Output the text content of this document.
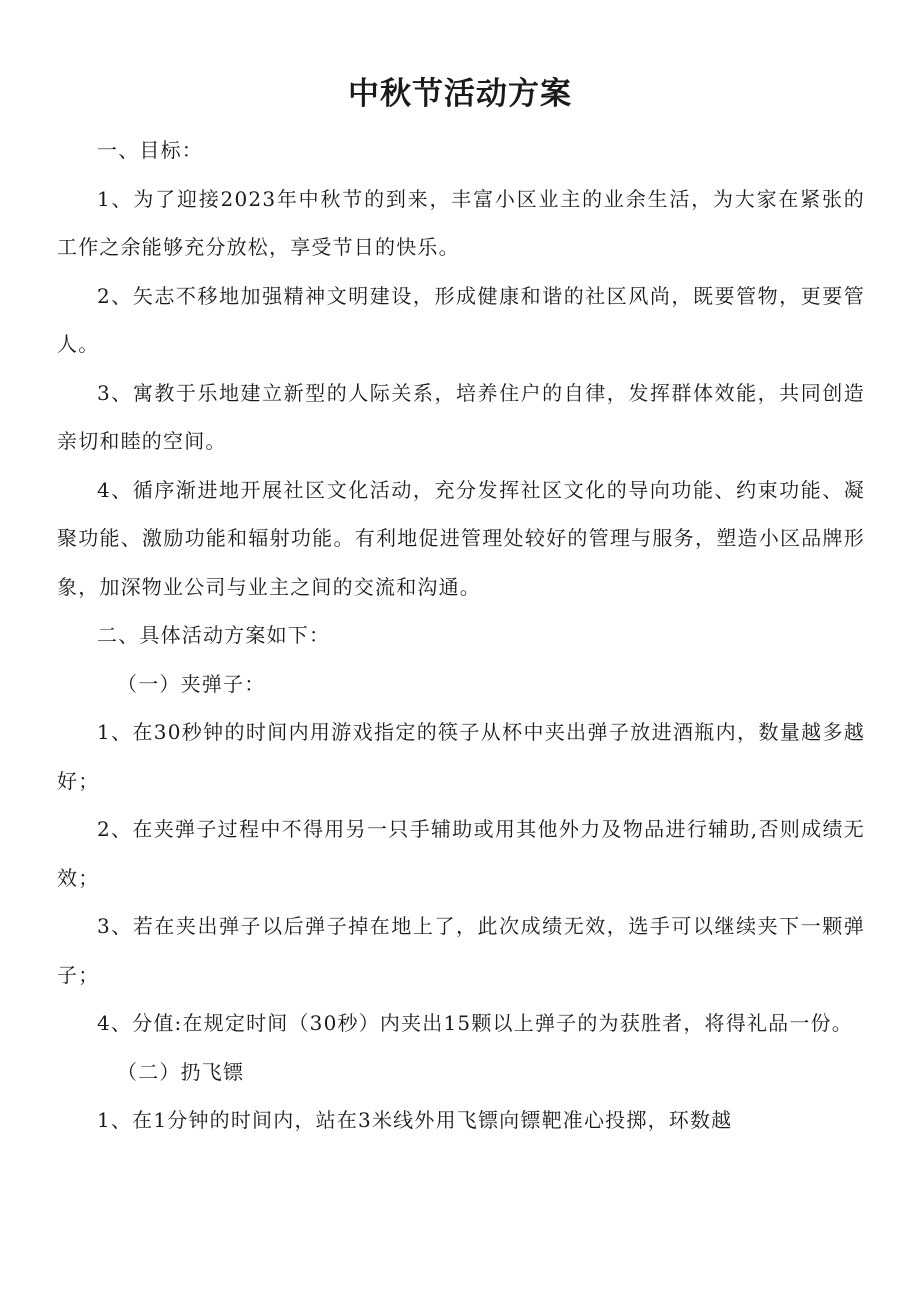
中秋节活动方案

一、目标：

1、为了迎接2023年中秋节的到来，丰富小区业主的业余生活，为大家在紧张的工作之余能够充分放松，享受节日的快乐。

2、矢志不移地加强精神文明建设，形成健康和谐的社区风尚，既要管物，更要管人。

3、寓教于乐地建立新型的人际关系，培养住户的自律，发挥群体效能，共同创造亲切和睦的空间。

4、循序渐进地开展社区文化活动，充分发挥社区文化的导向功能、约束功能、凝聚功能、激励功能和辐射功能。有利地促进管理处较好的管理与服务，塑造小区品牌形象，加深物业公司与业主之间的交流和沟通。

二、具体活动方案如下：

（一）夹弹子：

1、在30秒钟的时间内用游戏指定的筷子从杯中夹出弹子放进酒瓶内，数量越多越好；

2、在夹弹子过程中不得用另一只手辅助或用其他外力及物品进行辅助,否则成绩无效；

3、若在夹出弹子以后弹子掉在地上了，此次成绩无效，选手可以继续夹下一颗弹子；

4、分值:在规定时间（30秒）内夹出15颗以上弹子的为获胜者，将得礼品一份。

（二）扔飞镖

1、在1分钟的时间内，站在3米线外用飞镖向镖靶准心投掷，环数越
